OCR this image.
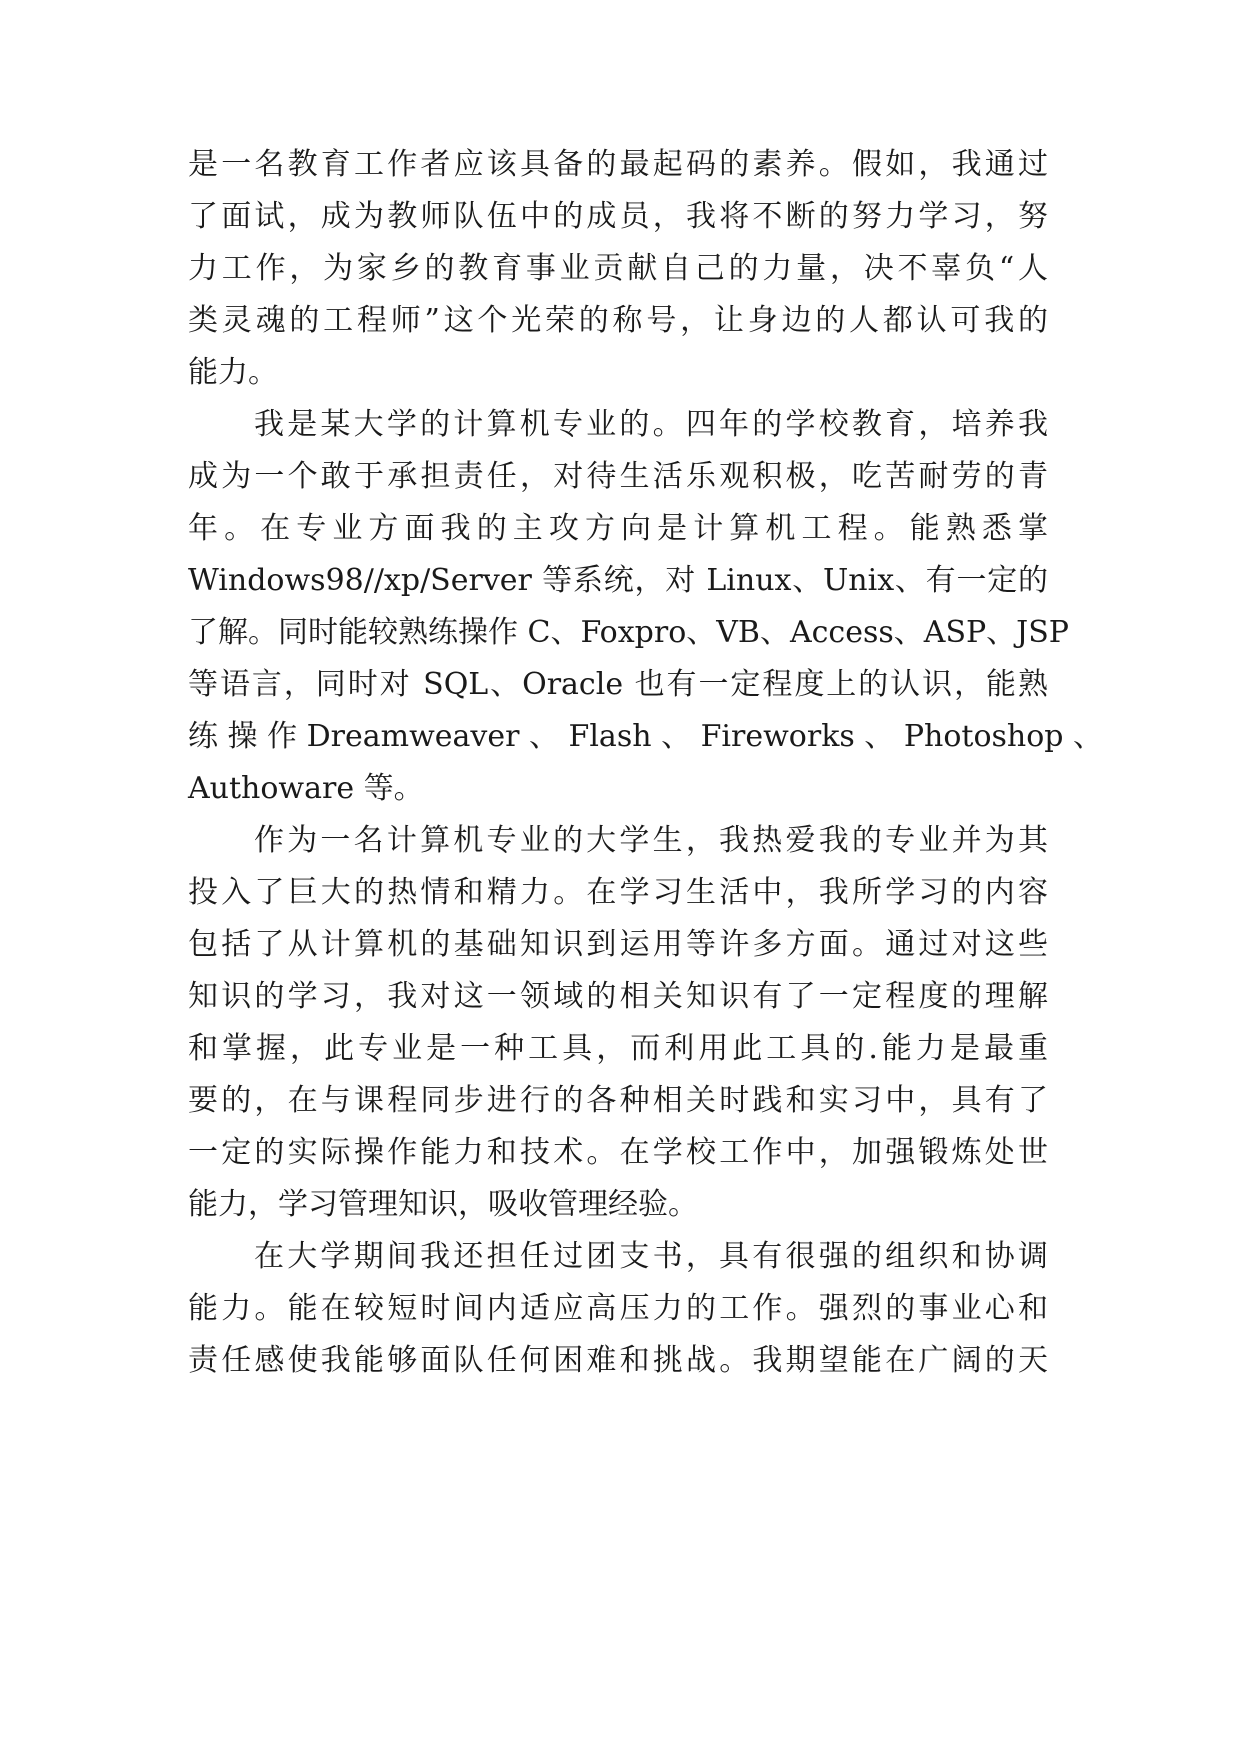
是一名教育工作者应该具备的最起码的素养。假如，我通过
了面试，成为教师队伍中的成员，我将不断的努力学习，努
力工作，为家乡的教育事业贡献自己的力量，决不辜负“人
类灵魂的工程师”这个光荣的称号，让身边的人都认可我的
能力。
我是某大学的计算机专业的。四年的学校教育，培养我
成为一个敢于承担责任，对待生活乐观积极，吃苦耐劳的青
年。在专业方面我的主攻方向是计算机工程。能熟悉掌
Windows98//xp/Server 等系统，对 Linux、Unix、有一定的
了解。同时能较熟练操作 C、Foxpro、VB、Access、ASP、JSP
等语言，同时对 SQL、Oracle 也有一定程度上的认识，能熟
练 操 作 Dreamweaver 、 Flash 、 Fireworks 、 Photoshop 、
Authoware 等。
作为一名计算机专业的大学生，我热爱我的专业并为其
投入了巨大的热情和精力。在学习生活中，我所学习的内容
包括了从计算机的基础知识到运用等许多方面。通过对这些
知识的学习，我对这一领域的相关知识有了一定程度的理解
和掌握，此专业是一种工具，而利用此工具的.能力是最重
要的，在与课程同步进行的各种相关时践和实习中，具有了
一定的实际操作能力和技术。在学校工作中，加强锻炼处世
能力，学习管理知识，吸收管理经验。
在大学期间我还担任过团支书，具有很强的组织和协调
能力。能在较短时间内适应高压力的工作。强烈的事业心和
责任感使我能够面队任何困难和挑战。我期望能在广阔的天
